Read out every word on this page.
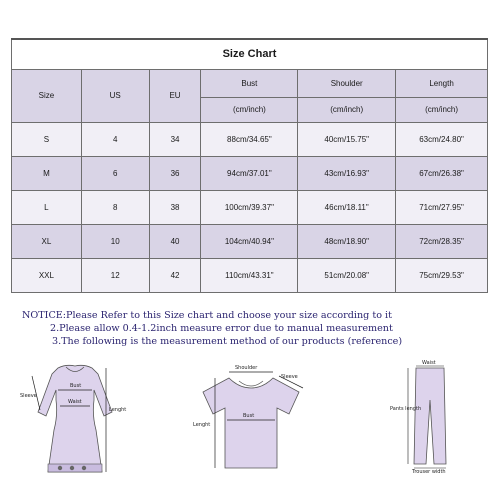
Size Chart					
Size	US	EU	Bust	Shoulder	Length
			(cm/inch)	(cm/inch)	(cm/inch)
S	4	34	88cm/34.65"	40cm/15.75"	63cm/24.80"
M	6	36	94cm/37.01"	43cm/16.93"	67cm/26.38"
L	8	38	100cm/39.37"	46cm/18.11"	71cm/27.95"
XL	10	40	104cm/40.94"	48cm/18.90"	72cm/28.35"
XXL	12	42	110cm/43.31"	51cm/20.08"	75cm/29.53"
NOTICE:Please Refer to this Size chart and choose your size according to it
2.Please allow 0.4-1.2inch measure error due to manual measurement
3.The following is the measurement method of our products (reference)
Bust
Waist
Sleeve
Lenght
Shoulder
Sleeve
Lenght
Bust
Waist
Pants length
Trouser width
